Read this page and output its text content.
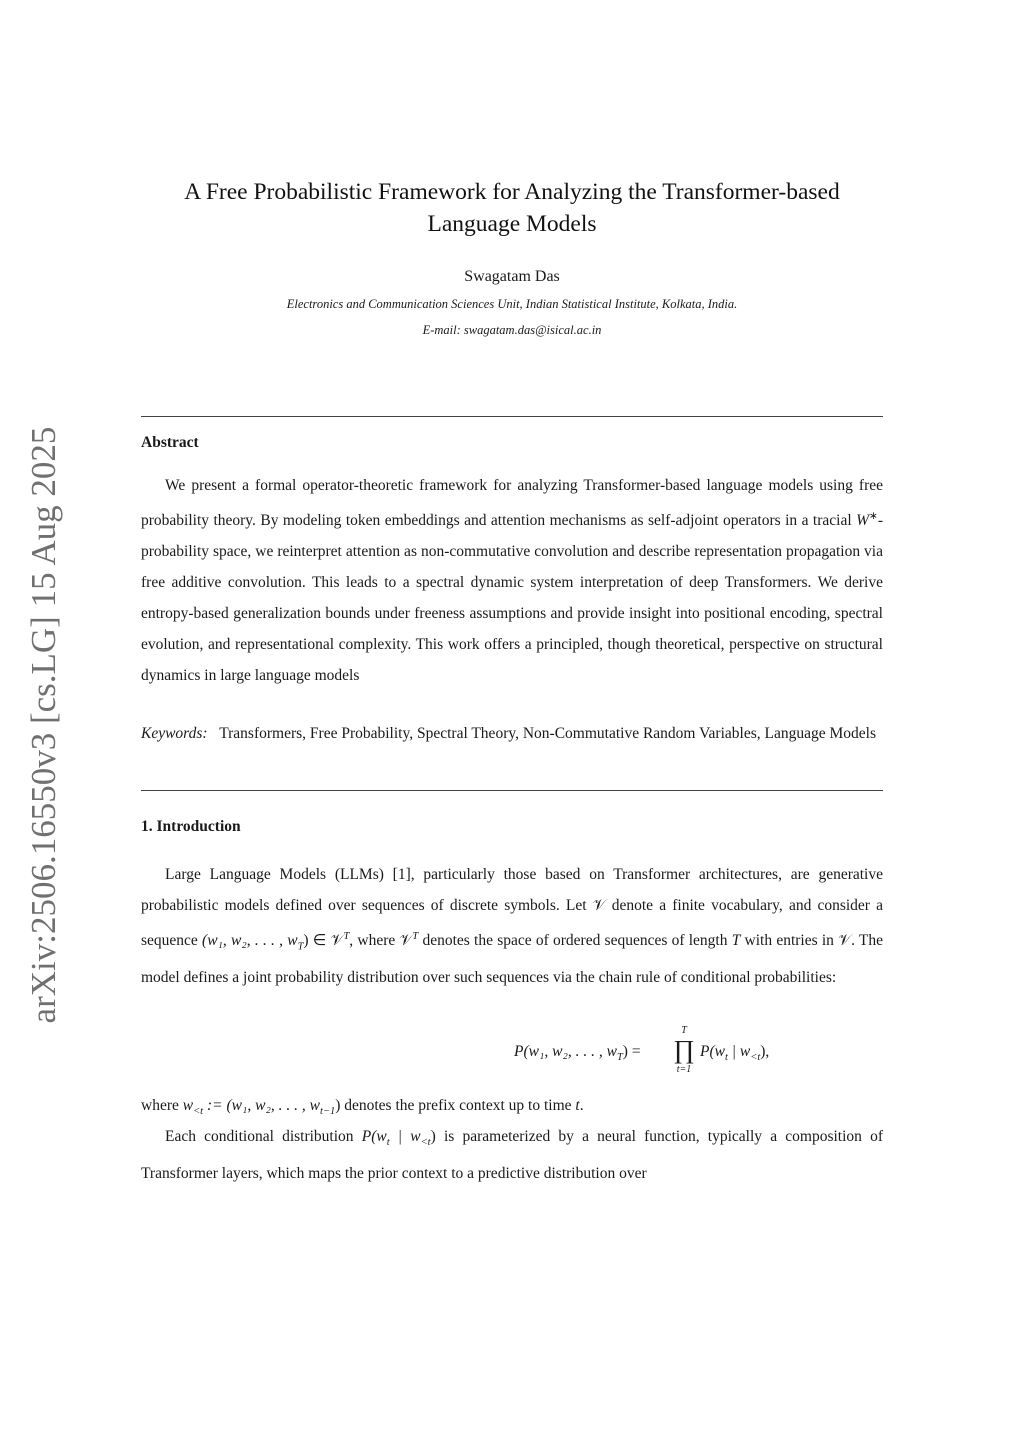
arXiv:2506.16550v3 [cs.LG] 15 Aug 2025
A Free Probabilistic Framework for Analyzing the Transformer-based
Language Models
Swagatam Das
Electronics and Communication Sciences Unit, Indian Statistical Institute, Kolkata, India.
E-mail: swagatam.das@isical.ac.in
Abstract

We present a formal operator-theoretic framework for analyzing Transformer-based language models using free probability theory. By modeling token embeddings and attention mechanisms as self-adjoint operators in a tracial W∗-probability space, we reinterpret attention as non-commutative convolution and describe representation propagation via free additive convolution. This leads to a spectral dynamic system interpretation of deep Transformers. We derive entropy-based generalization bounds under freeness assumptions and provide insight into positional encoding, spectral evolution, and representational complexity. This work offers a principled, though theoretical, perspective on structural dynamics in large language models

Keywords: Transformers, Free Probability, Spectral Theory, Non-Commutative Random Variables, Language Models

1. Introduction

Large Language Models (LLMs) [1], particularly those based on Transformer architectures, are generative probabilistic models defined over sequences of discrete symbols. Let 𝒱 denote a finite vocabulary, and consider a sequence (w₁, w₂, . . . , $w_T$) ∈ 𝒱$^T$, where 𝒱$^T$ denotes the space of ordered sequences of length T with entries in 𝒱. The model defines a joint probability distribution over such sequences via the chain rule of conditional probabilities:

P(w₁, w₂, . . . , $w_T$) =
T
∏
t=1
$P(w_t$ | $w_{<t}$),

where $w_{<t}$ := (w₁, w₂, . . . , $w_{t-1}$) denotes the prefix context up to time t.

Each conditional distribution $P(w_t$ | $w_{<t}$) is parameterized by a neural function, typically a composition of Transformer layers, which maps the prior context to a predictive distribution over
